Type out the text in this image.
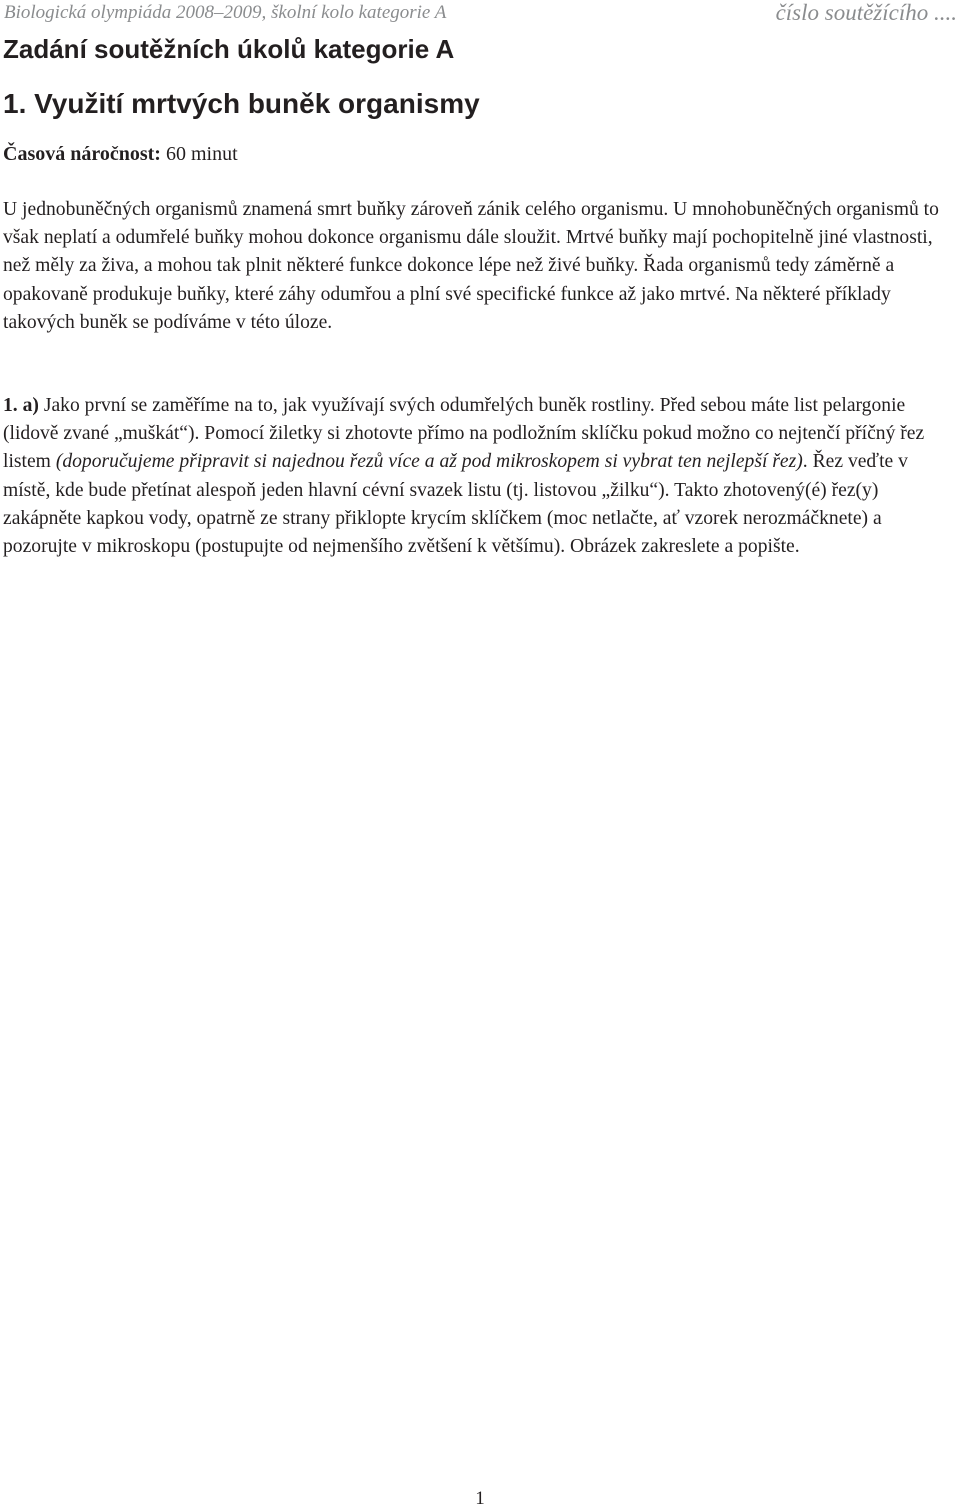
Biologická olympiáda 2008–2009, školní kolo kategorie A	číslo soutěžícího ....
Zadání soutěžních úkolů kategorie A
1. Využití mrtvých buněk organismy
Časová náročnost: 60 minut

U jednobuněčných organismů znamená smrt buňky zároveň zánik celého organismu. U mnohobuněčných organismů to však neplatí a odumřelé buňky mohou dokonce organismu dále sloužit. Mrtvé buňky mají pochopitelně jiné vlastnosti, než měly za živa, a mohou tak plnit některé funkce dokonce lépe než živé buňky. Řada organismů tedy záměrně a opakovaně produkuje buňky, které záhy odumřou a plní své specifické funkce až jako mrtvé. Na některé příklady takových buněk se podíváme v této úloze.

1. a) Jako první se zaměříme na to, jak využívají svých odumřelých buněk rostliny. Před sebou máte list pelargonie (lidově zvané „muškát“). Pomocí žiletky si zhotovte přímo na podložním sklíčku pokud možno co nejtenčí příčný řez listem (doporučujeme připravit si najednou řezů více a až pod mikroskopem si vybrat ten nejlepší řez). Řez veďte v místě, kde bude přetínat alespoň jeden hlavní cévní svazek listu (tj. listovou „žilku“). Takto zhotovený(é) řez(y) zakápněte kapkou vody, opatrně ze strany přiklopte krycím sklíčkem (moc netlačte, ať vzorek nerozmáčknete) a pozorujte v mikroskopu (postupujte od nejmenšího zvětšení k většímu). Obrázek zakreslete a popište.

1
